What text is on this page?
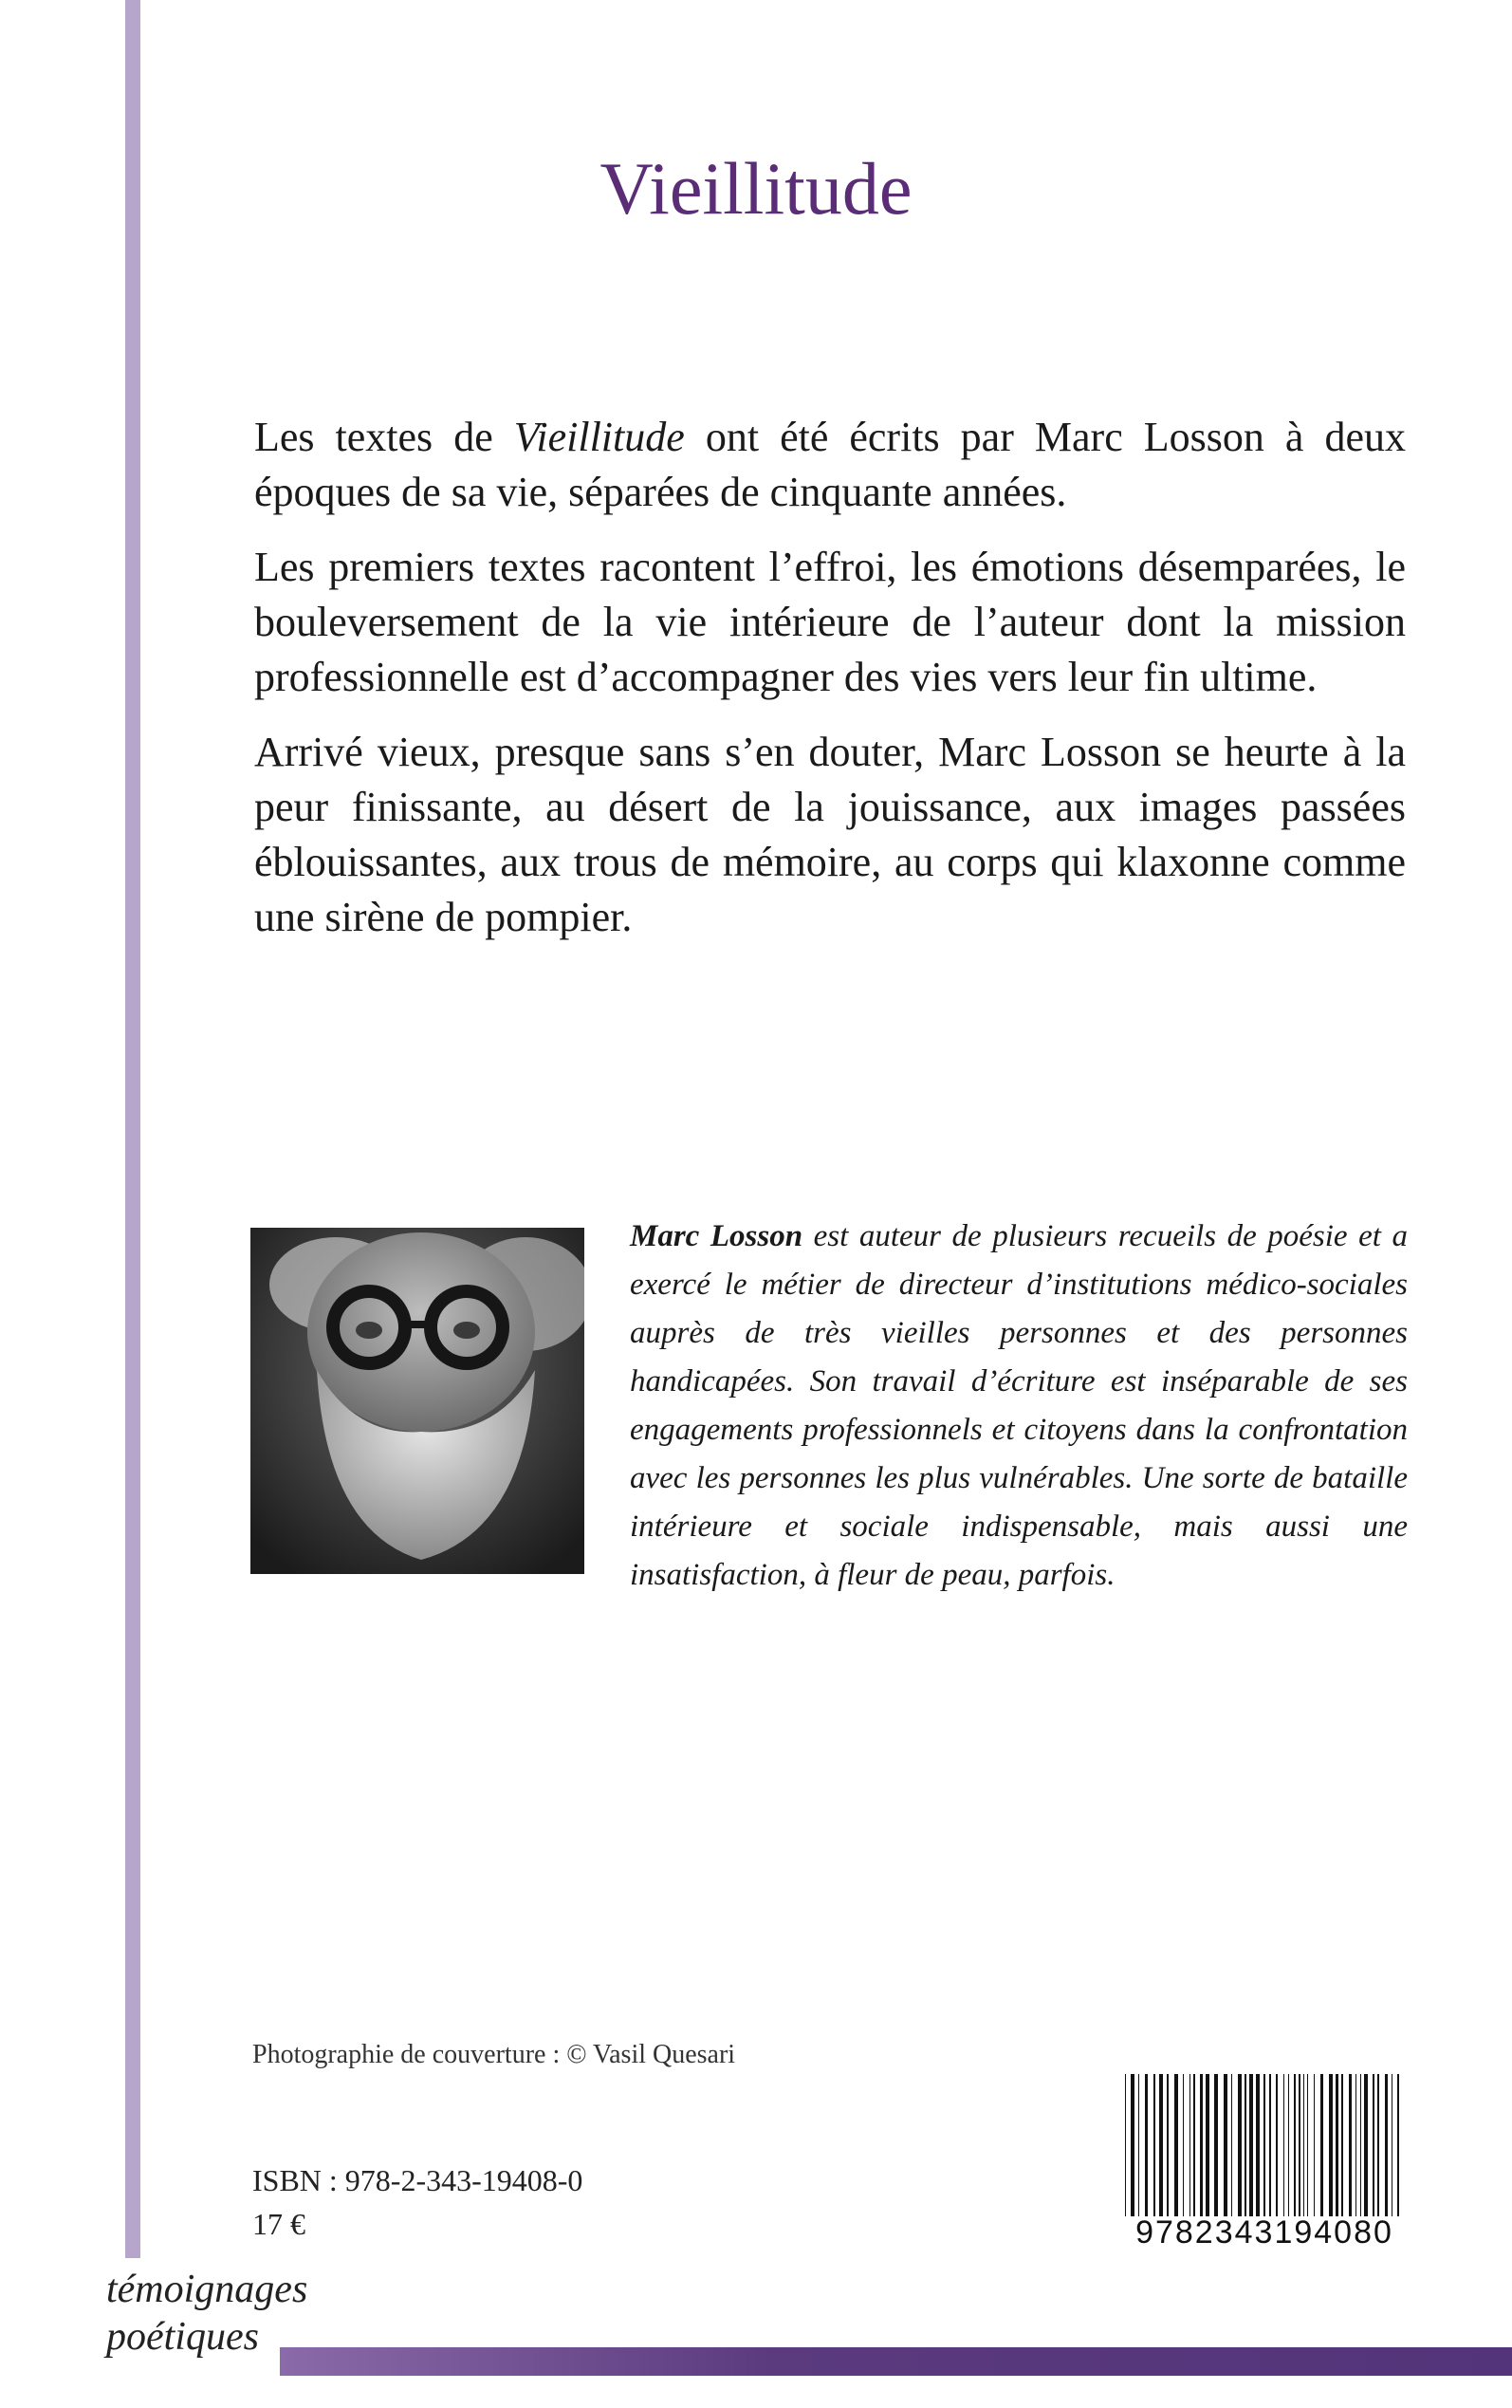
Vieillitude

Les textes de Vieillitude ont été écrits par Marc Losson à deux époques de sa vie, séparées de cinquante années.

Les premiers textes racontent l’effroi, les émotions désemparées, le bouleversement de la vie intérieure de l’auteur dont la mission professionnelle est d’accompagner des vies vers leur fin ultime.

Arrivé vieux, presque sans s’en douter, Marc Losson se heurte à la peur finissante, au désert de la jouissance, aux images passées éblouissantes, aux trous de mémoire, au corps qui klaxonne comme une sirène de pompier.

Marc Losson est auteur de plusieurs recueils de poésie et a exercé le métier de directeur d’institutions médico-sociales auprès de très vieilles personnes et des personnes handicapées. Son travail d’écriture est inséparable de ses engagements professionnels et citoyens dans la confrontation avec les personnes les plus vulnérables. Une sorte de bataille intérieure et sociale indispensable, mais aussi une insatisfaction, à fleur de peau, parfois.
Photographie de couverture : © Vasil Quesari
ISBN : 978-2-343-19408-0
17 €	9782343194080
témoignages
poétiques
